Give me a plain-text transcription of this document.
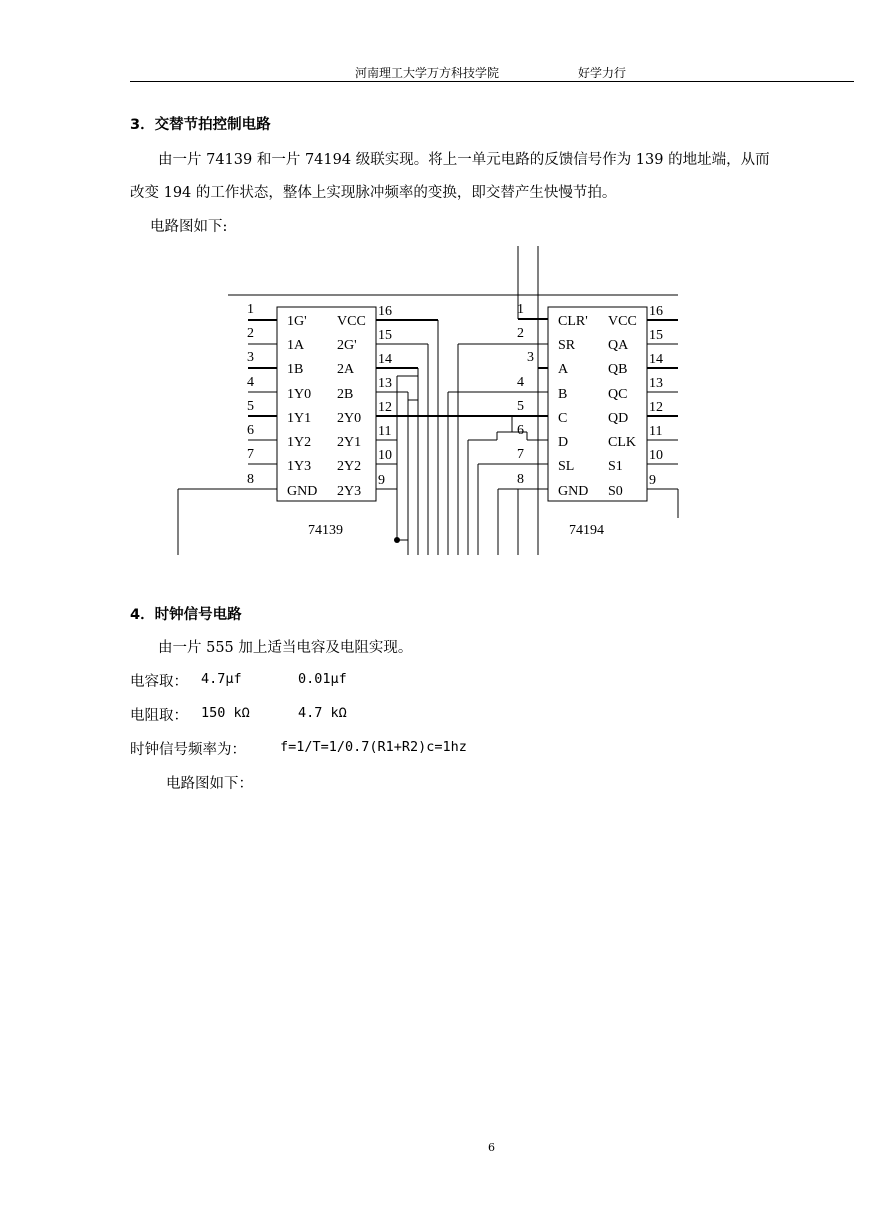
河南理工大学万方科技学院	好学力行
3．交替节拍控制电路
由一片 74139 和一片 74194 级联实现。将上一单元电路的反馈信号作为 139 的地址端，从而
改变 194 的工作状态，整体上实现脉冲频率的变换，即交替产生快慢节拍。
电路图如下:
1
2
3
4
5
6
7
8
1G'
1A
1B
1Y0
1Y1
1Y2
1Y3
GND
VCC
2G'
2A
2B
2Y0
2Y1
2Y2
2Y3
16
15
14
13
12
11
10
9
74139
1
2
3
4
5
6
7
8
CLR'
SR
A
B
C
D
SL
GND
VCC
QA
QB
QC
QD
CLK
S1
S0
16
15
14
13
12
11
10
9
74194
4．时钟信号电路
由一片 555 加上适当电容及电阻实现。
电容取： 4.7μf	0.01μf
电阻取： 150 kΩ	4.7 kΩ
时钟信号频率为：	f=1/T=1/0.7(R1+R2)c=1hz
电路图如下：
6
